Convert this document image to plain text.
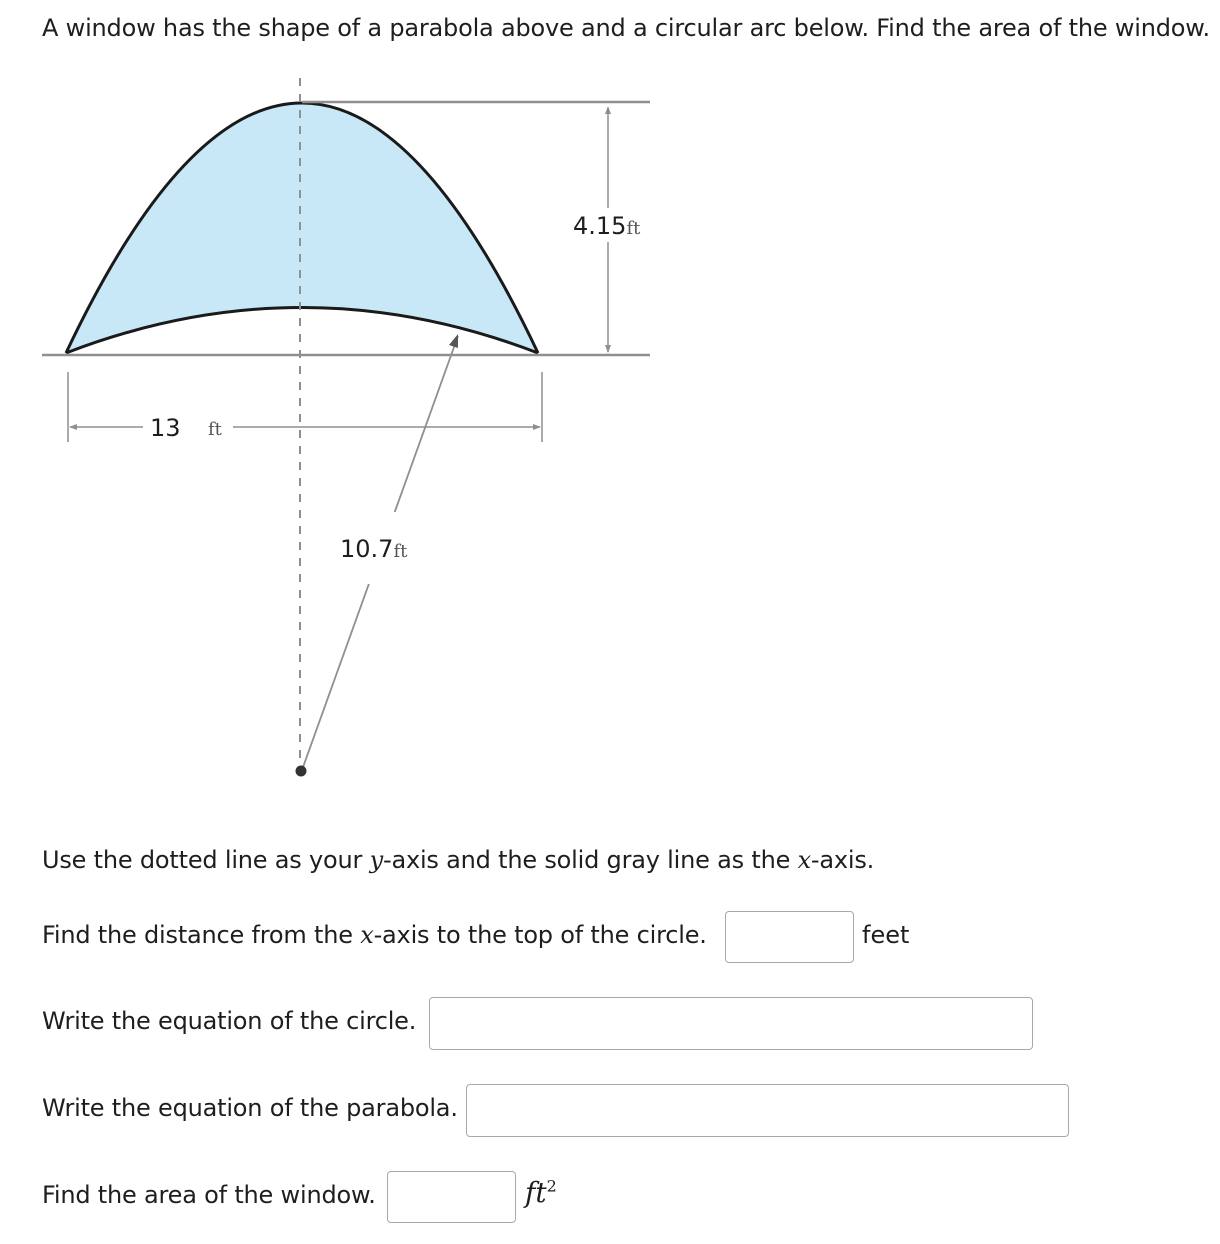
A window has the shape of a parabola above and a circular arc below. Find the area of the window.
4.15ft
13 ft
10.7ft
Use the dotted line as your y-axis and the solid gray line as the x-axis.
Find the distance from the x-axis to the top of the circle.	feet
Write the equation of the circle.
Write the equation of the parabola.
Find the area of the window.	$ft^2$
